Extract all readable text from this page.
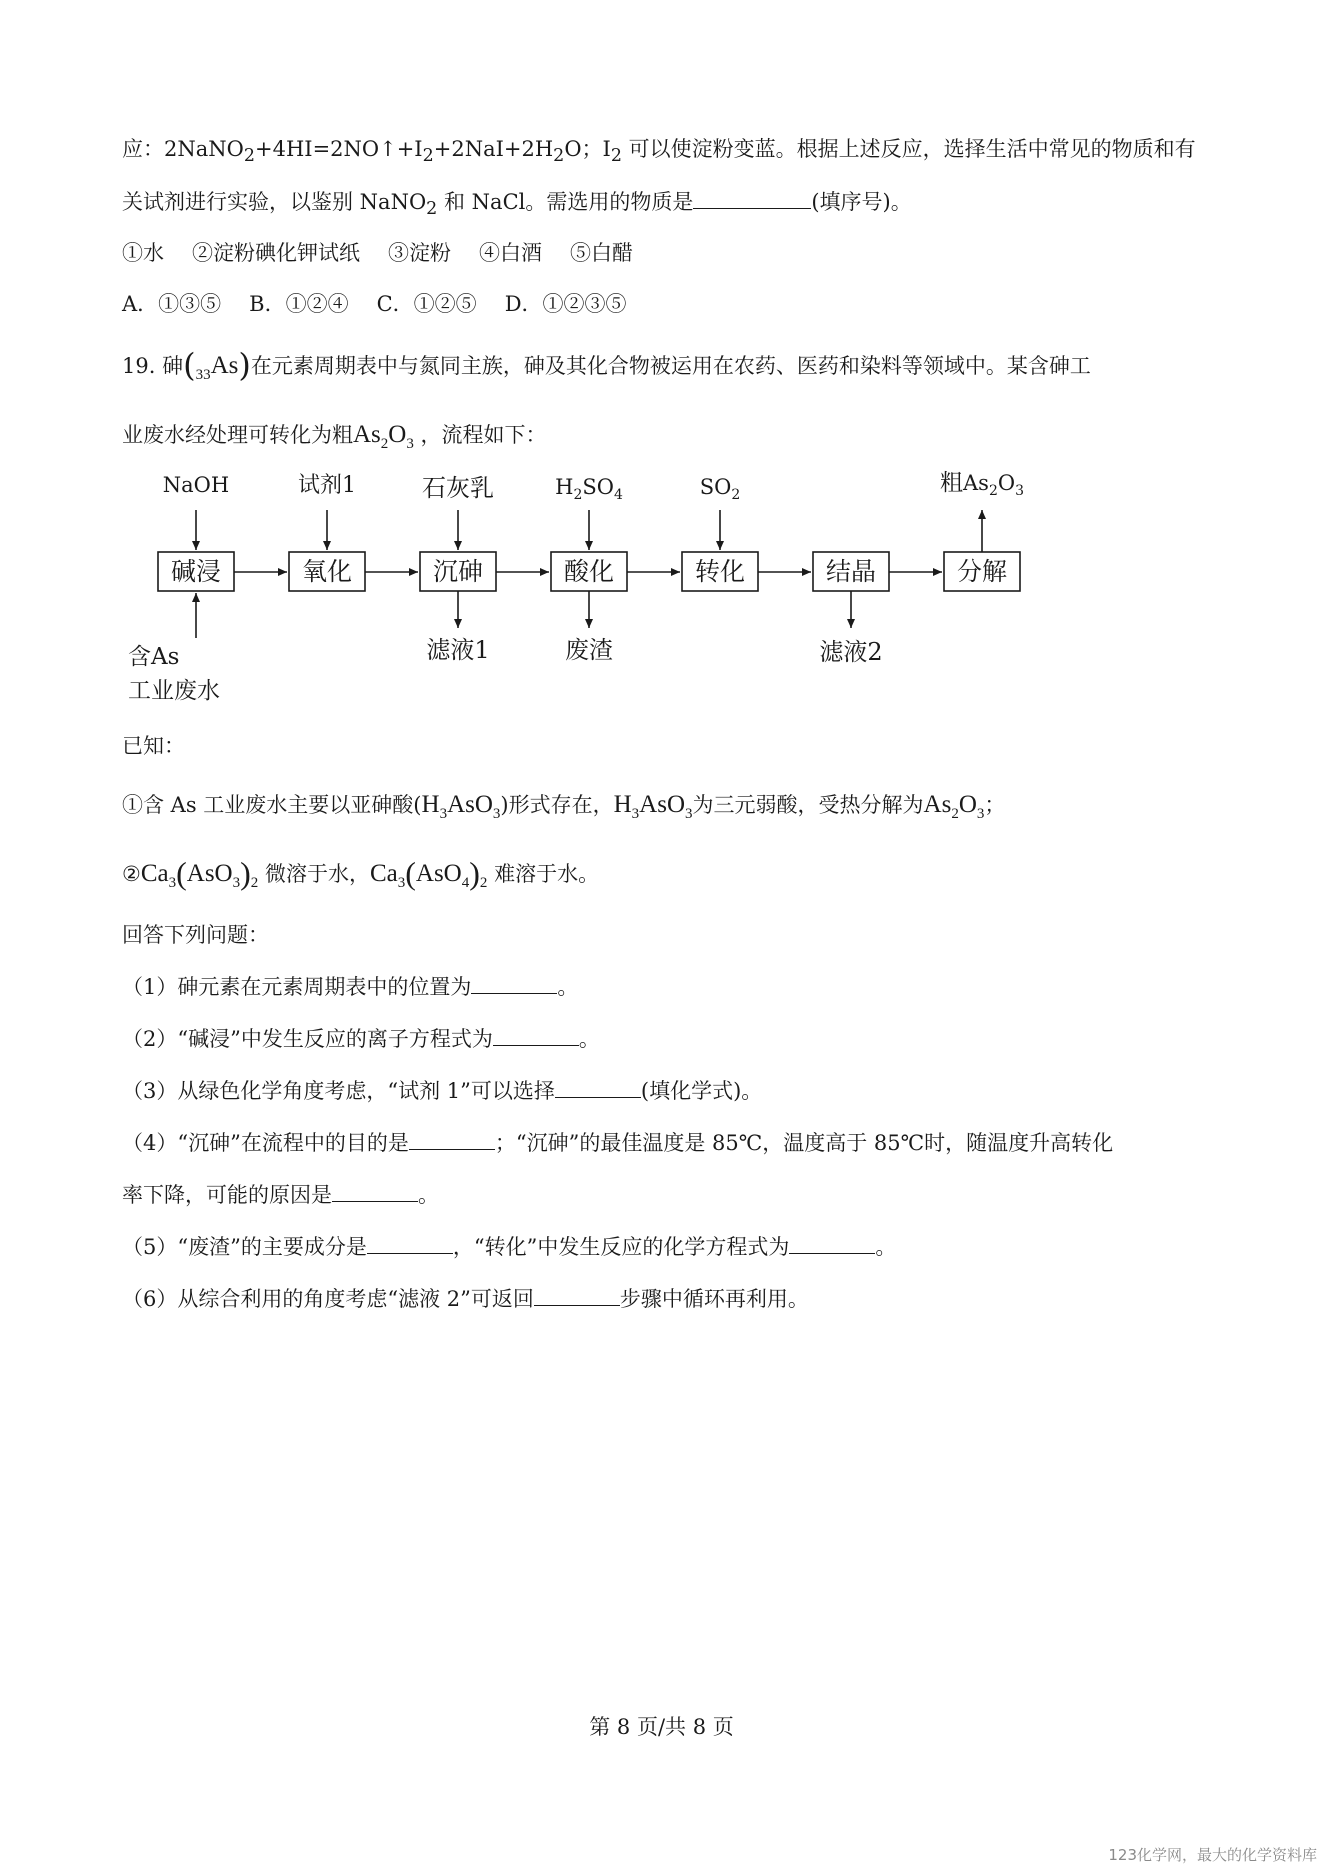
应：$2NaNO_2+4HI=2NO↑+I_2+2NaI+2H_2O$；$I_2$ 可以使淀粉变蓝。根据上述反应，选择生活中常见的物质和有
关试剂进行实验，以鉴别 NaNO$_2$ 和 NaCl。需选用的物质是	(填序号)。
①水 ②淀粉碘化钾试纸 ③淀粉 ④白酒 ⑤白醋
A．①③⑤ B．①②④ C．①②⑤ D．①②③⑤
19. 砷$(_{33}As)$在元素周期表中与氮同主族，砷及其化合物被运用在农药、医药和染料等领域中。某含砷工
业废水经处理可转化为粗$As_2O_3$ ，流程如下：
碱浸	氧化	沉砷	酸化	转化	结晶	分解
NaOH	试剂1	石灰乳	$H_2SO_4$	$SO_2$	粗$As_2O_3$
滤液1	废渣	滤液2
含As
工业废水
已知：
①含 As 工业废水主要以亚砷酸$(H_3AsO_3)$形式存在，$H_3AsO_3$为三元弱酸，受热分解为$As_2O_3$；
$②Ca_3(AsO_3)_2$ 微溶于水，$Ca_3(AsO_4)_2$ 难溶于水。
回答下列问题：
（1）砷元素在元素周期表中的位置为	。
（2）“碱浸”中发生反应的离子方程式为	。
（3）从绿色化学角度考虑，“试剂 1”可以选择	(填化学式)。
（4）“沉砷”在流程中的目的是	；“沉砷”的最佳温度是 85℃，温度高于 85℃时，随温度升高转化
率下降，可能的原因是	。
（5）“废渣”的主要成分是	，“转化”中发生反应的化学方程式为	。
（6）从综合利用的角度考虑“滤液 2”可返回	步骤中循环再利用。
第 8 页/共 8 页
123化学网，最大的化学资料库
